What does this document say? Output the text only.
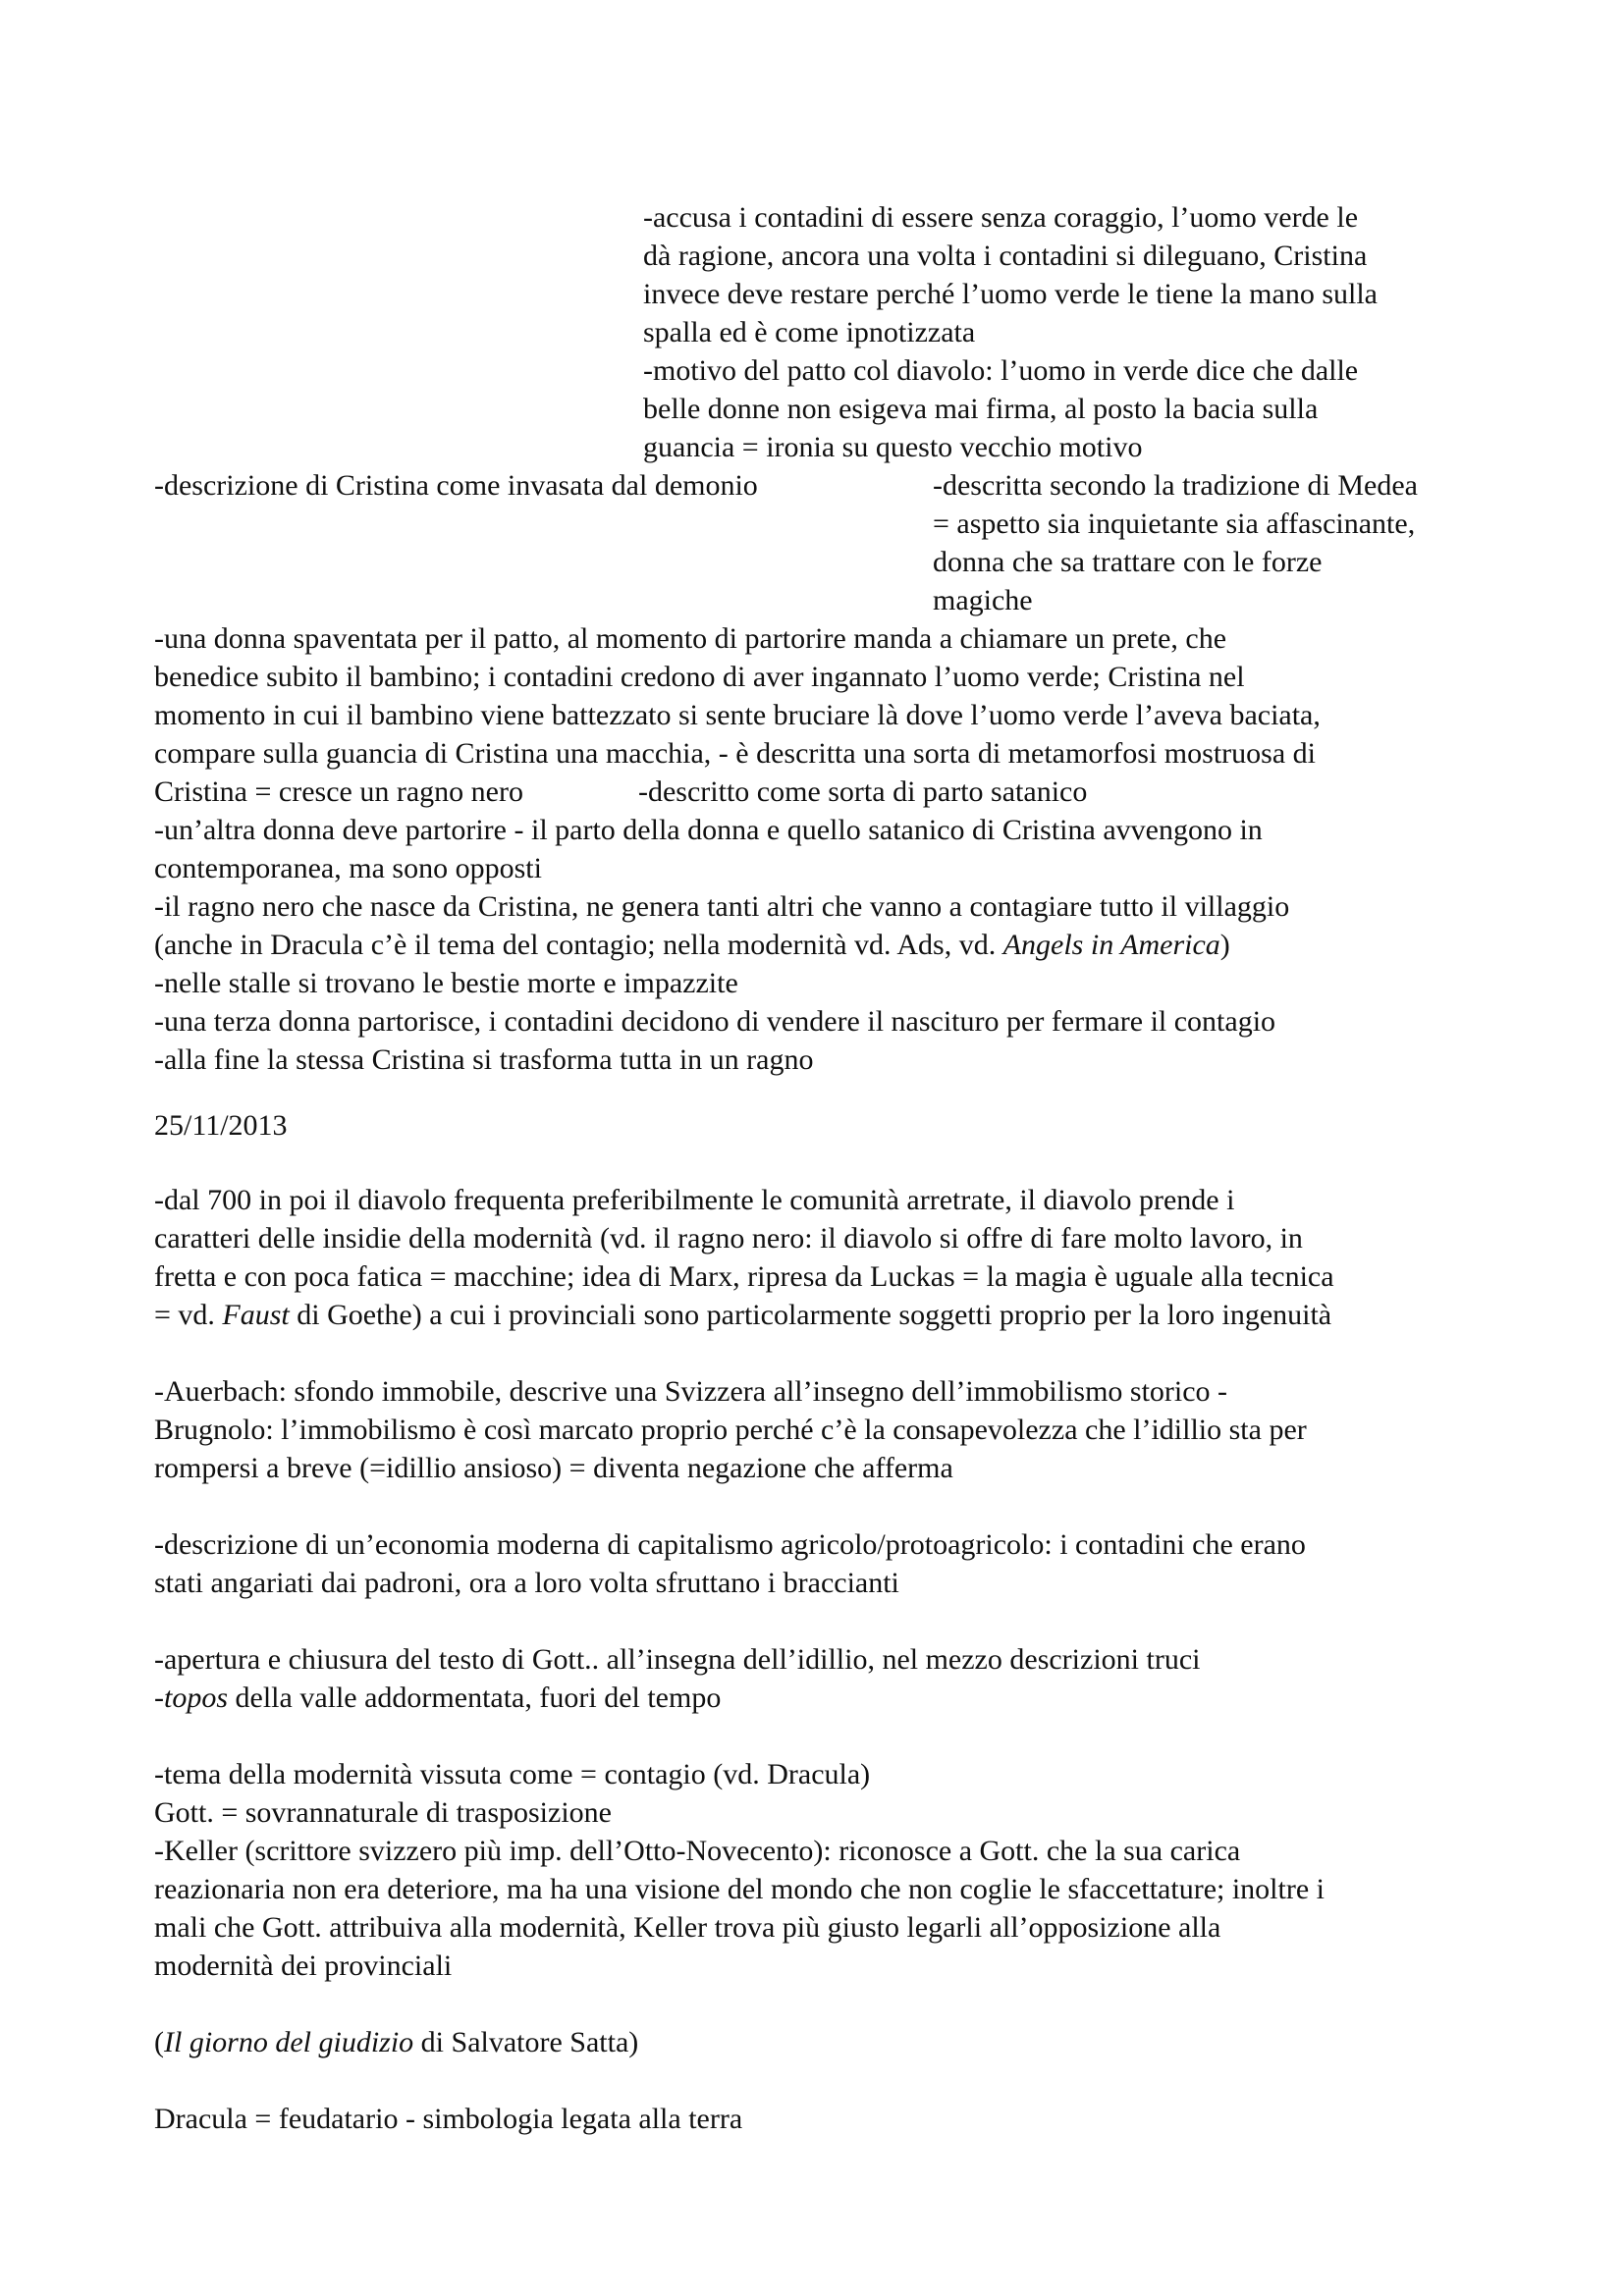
-accusa i contadini di essere senza coraggio, l’uomo verde le
dà ragione, ancora una volta i contadini si dileguano, Cristina
invece deve restare perché l’uomo verde le tiene la mano sulla
spalla ed è come ipnotizzata
-motivo del patto col diavolo: l’uomo in verde dice che dalle
belle donne non esigeva mai firma, al posto la bacia sulla
guancia = ironia su questo vecchio motivo
-descrizione di Cristina come invasata dal demonio	-descritta secondo la tradizione di Medea
= aspetto sia inquietante sia affascinante,
donna che sa trattare con le forze
magiche
-una donna spaventata per il patto, al momento di partorire manda a chiamare un prete, che
benedice subito il bambino; i contadini credono di aver ingannato l’uomo verde; Cristina nel
momento in cui il bambino viene battezzato si sente bruciare là dove l’uomo verde l’aveva baciata,
compare sulla guancia di Cristina una macchia, - è descritta una sorta di metamorfosi mostruosa di
Cristina = cresce un ragno nero	-descritto come sorta di parto satanico
-un’altra donna deve partorire - il parto della donna e quello satanico di Cristina avvengono in
contemporanea, ma sono opposti
-il ragno nero che nasce da Cristina, ne genera tanti altri che vanno a contagiare tutto il villaggio
(anche in Dracula c’è il tema del contagio; nella modernità vd. Ads, vd. Angels in America)
-nelle stalle si trovano le bestie morte e impazzite
-una terza donna partorisce, i contadini decidono di vendere il nascituro per fermare il contagio
-alla fine la stessa Cristina si trasforma tutta in un ragno
25/11/2013
-dal 700 in poi il diavolo frequenta preferibilmente le comunità arretrate, il diavolo prende i
caratteri delle insidie della modernità (vd. il ragno nero: il diavolo si offre di fare molto lavoro, in
fretta e con poca fatica = macchine; idea di Marx, ripresa da Luckas = la magia è uguale alla tecnica
= vd. Faust di Goethe) a cui i provinciali sono particolarmente soggetti proprio per la loro ingenuità
-Auerbach: sfondo immobile, descrive una Svizzera all’insegno dell’immobilismo storico -
Brugnolo: l’immobilismo è così marcato proprio perché c’è la consapevolezza che l’idillio sta per
rompersi a breve (=idillio ansioso) = diventa negazione che afferma
-descrizione di un’economia moderna di capitalismo agricolo/protoagricolo: i contadini che erano
stati angariati dai padroni, ora a loro volta sfruttano i braccianti
-apertura e chiusura del testo di Gott.. all’insegna dell’idillio, nel mezzo descrizioni truci
-topos della valle addormentata, fuori del tempo
-tema della modernità vissuta come = contagio (vd. Dracula)
Gott. = sovrannaturale di trasposizione
-Keller (scrittore svizzero più imp. dell’Otto-Novecento): riconosce a Gott. che la sua carica
reazionaria non era deteriore, ma ha una visione del mondo che non coglie le sfaccettature; inoltre i
mali che Gott. attribuiva alla modernità, Keller trova più giusto legarli all’opposizione alla
modernità dei provinciali
(Il giorno del giudizio di Salvatore Satta)
Dracula = feudatario - simbologia legata alla terra
